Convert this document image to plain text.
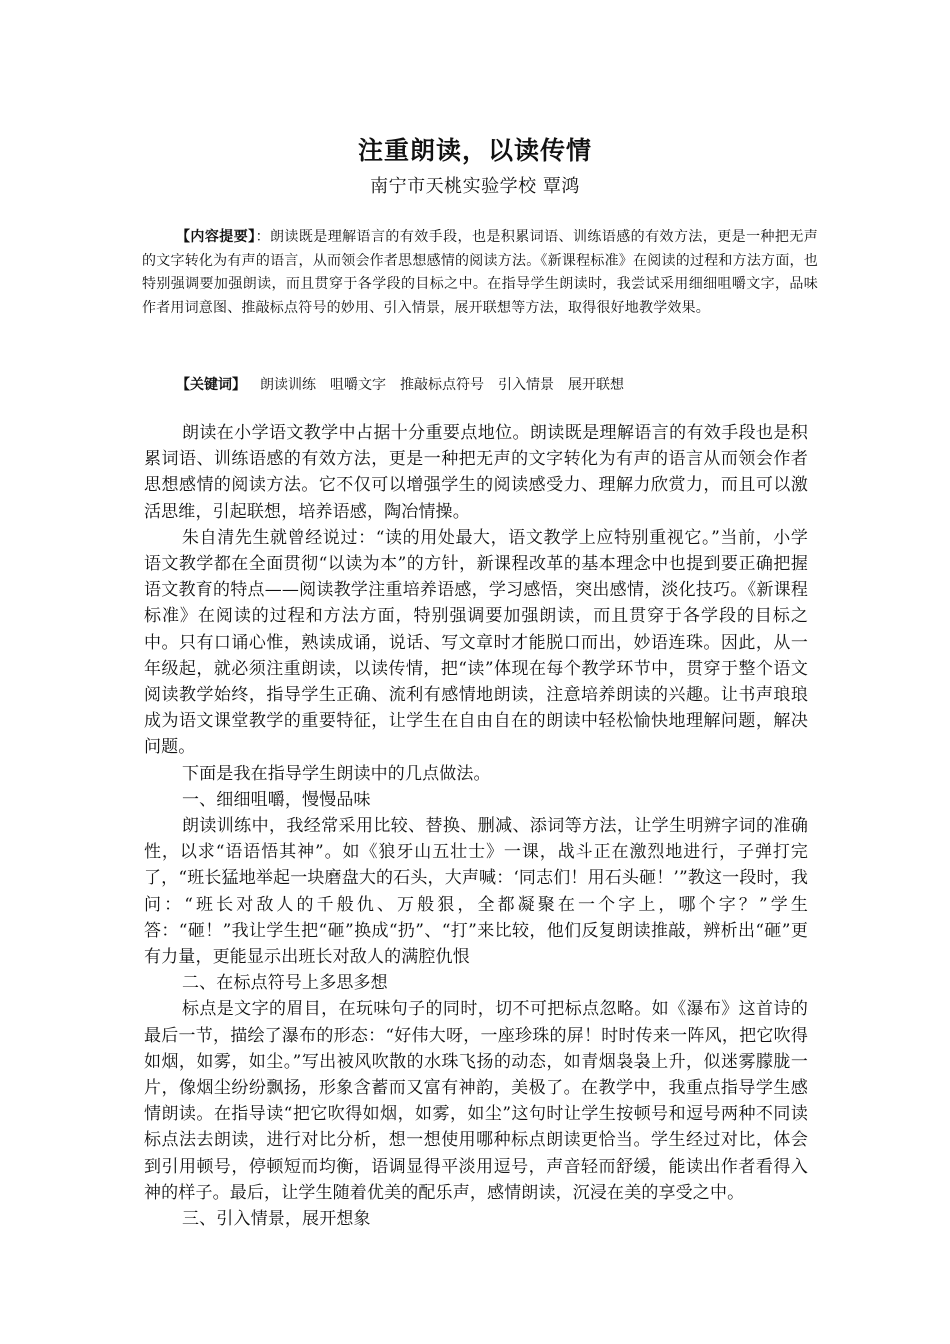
注重朗读，以读传情
南宁市天桃实验学校 覃鸿

【内容提要】：朗读既是理解语言的有效手段，也是积累词语、训练语感的有效方法，更是一种把无声的文字转化为有声的语言，从而领会作者思想感情的阅读方法。《新课程标准》在阅读的过程和方法方面，也特别强调要加强朗读，而且贯穿于各学段的目标之中。在指导学生朗读时，我尝试采用细细咀嚼文字，品味作者用词意图、推敲标点符号的妙用、引入情景，展开联想等方法，取得很好地教学效果。

【关键词】 朗读训练 咀嚼文字 推敲标点符号 引入情景 展开联想

朗读在小学语文教学中占据十分重要点地位。朗读既是理解语言的有效手段也是积累词语、训练语感的有效方法，更是一种把无声的文字转化为有声的语言从而领会作者思想感情的阅读方法。它不仅可以增强学生的阅读感受力、理解力欣赏力，而且可以激活思维，引起联想，培养语感，陶冶情操。

朱自清先生就曾经说过：“读的用处最大，语文教学上应特别重视它。”当前，小学语文教学都在全面贯彻“以读为本”的方针，新课程改革的基本理念中也提到要正确把握语文教育的特点——阅读教学注重培养语感，学习感悟，突出感情，淡化技巧。《新课程标准》在阅读的过程和方法方面，特别强调要加强朗读，而且贯穿于各学段的目标之中。只有口诵心惟，熟读成诵，说话、写文章时才能脱口而出，妙语连珠。因此，从一年级起，就必须注重朗读，以读传情，把“读”体现在每个教学环节中，贯穿于整个语文阅读教学始终，指导学生正确、流利有感情地朗读，注意培养朗读的兴趣。让书声琅琅成为语文课堂教学的重要特征，让学生在自由自在的朗读中轻松愉快地理解问题，解决问题。

下面是我在指导学生朗读中的几点做法。

一、细细咀嚼，慢慢品味

朗读训练中，我经常采用比较、替换、删减、添词等方法，让学生明辨字词的准确性，以求“语语悟其神”。如《狼牙山五壮士》一课，战斗正在激烈地进行，子弹打完了，“班长猛地举起一块磨盘大的石头，大声喊：‘同志们！用石头砸！’”教这一段时，我问：“班长对敌人的千般仇、万般狠，全都凝聚在一个字上，哪个字？”学生答：“砸！”我让学生把“砸”换成“扔”、“打”来比较，他们反复朗读推敲，辨析出“砸”更有力量，更能显示出班长对敌人的满腔仇恨

二、在标点符号上多思多想

标点是文字的眉目，在玩味句子的同时，切不可把标点忽略。如《瀑布》这首诗的最后一节，描绘了瀑布的形态：“好伟大呀，一座珍珠的屏！时时传来一阵风，把它吹得如烟，如雾，如尘。”写出被风吹散的水珠飞扬的动态，如青烟袅袅上升，似迷雾朦胧一片，像烟尘纷纷飘扬，形象含蓄而又富有神韵，美极了。在教学中，我重点指导学生感情朗读。在指导读“把它吹得如烟，如雾，如尘”这句时让学生按顿号和逗号两种不同读标点法去朗读，进行对比分析，想一想使用哪种标点朗读更恰当。学生经过对比，体会到引用顿号，停顿短而均衡，语调显得平淡用逗号，声音轻而舒缓，能读出作者看得入神的样子。最后，让学生随着优美的配乐声，感情朗读，沉浸在美的享受之中。

三、引入情景，展开想象
